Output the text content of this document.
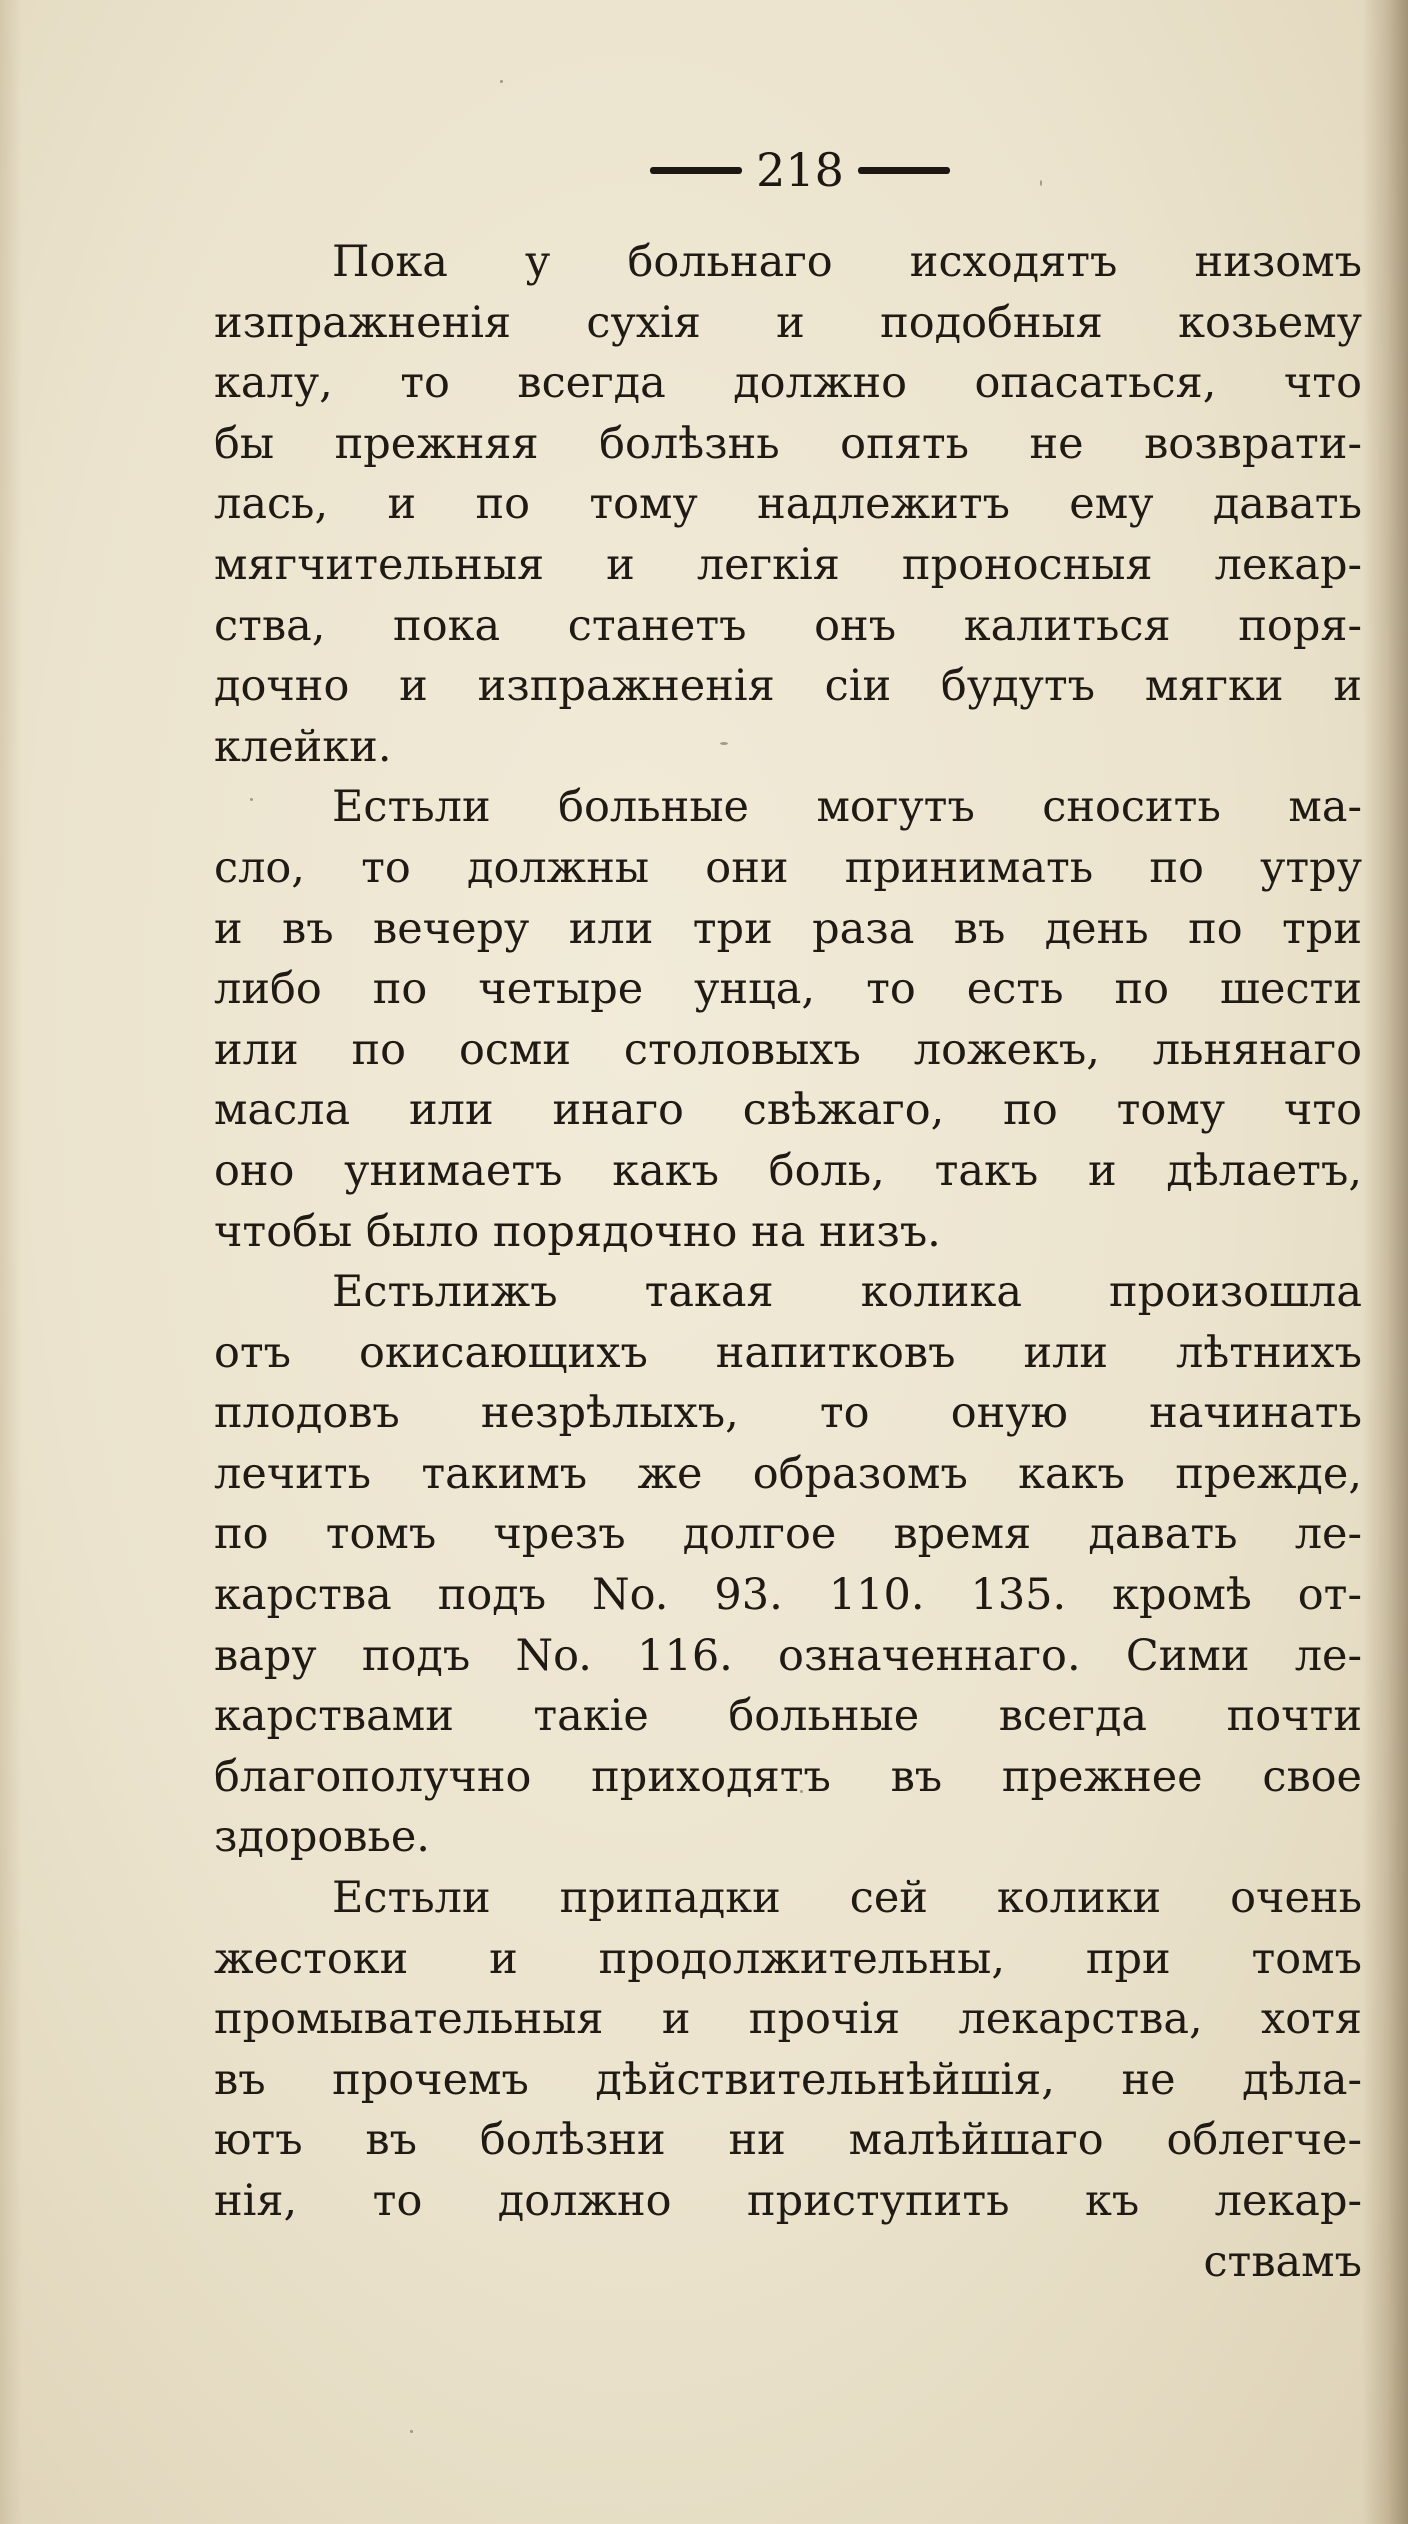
218
Пока у больнаго исходятъ низомъ
изпражненія сухія и подобныя козьему
калу, то всегда должно опасаться, что
бы прежняя болѣзнь опять не возврати-
лась, и по тому надлежитъ ему давать
мягчительныя и легкія проносныя лекар-
ства, пока станетъ онъ калиться поря-
дочно и изпражненія сіи будутъ мягки и
клейки.
Естьли больные могутъ сносить ма-
сло, то должны они принимать по утру
и въ вечеру или три раза въ день по три
либо по четыре унца, то есть по шести
или по осми столовыхъ ложекъ, льнянаго
масла или инаго свѣжаго, по тому что
оно унимаетъ какъ боль, такъ и дѣлаетъ,
чтобы было порядочно на низъ.
Естьлижъ такая колика произошла
отъ окисающихъ напитковъ или лѣтнихъ
плодовъ незрѣлыхъ, то оную начинать
лечить такимъ же образомъ какъ прежде,
по томъ чрезъ долгое время давать ле-
карства подъ No. 93. 110. 135. кромѣ от-
вару подъ No. 116. означеннаго. Сими ле-
карствами такіе больные всегда почти
благополучно приходятъ въ прежнее свое
здоровье.
Естьли припадки сей колики очень
жестоки и продолжительны, при томъ
промывательныя и прочія лекарства, хотя
въ прочемъ дѣйствительнѣйшія, не дѣла-
ютъ въ болѣзни ни малѣйшаго облегче-
нія, то должно приступить къ лекар-
ствамъ
